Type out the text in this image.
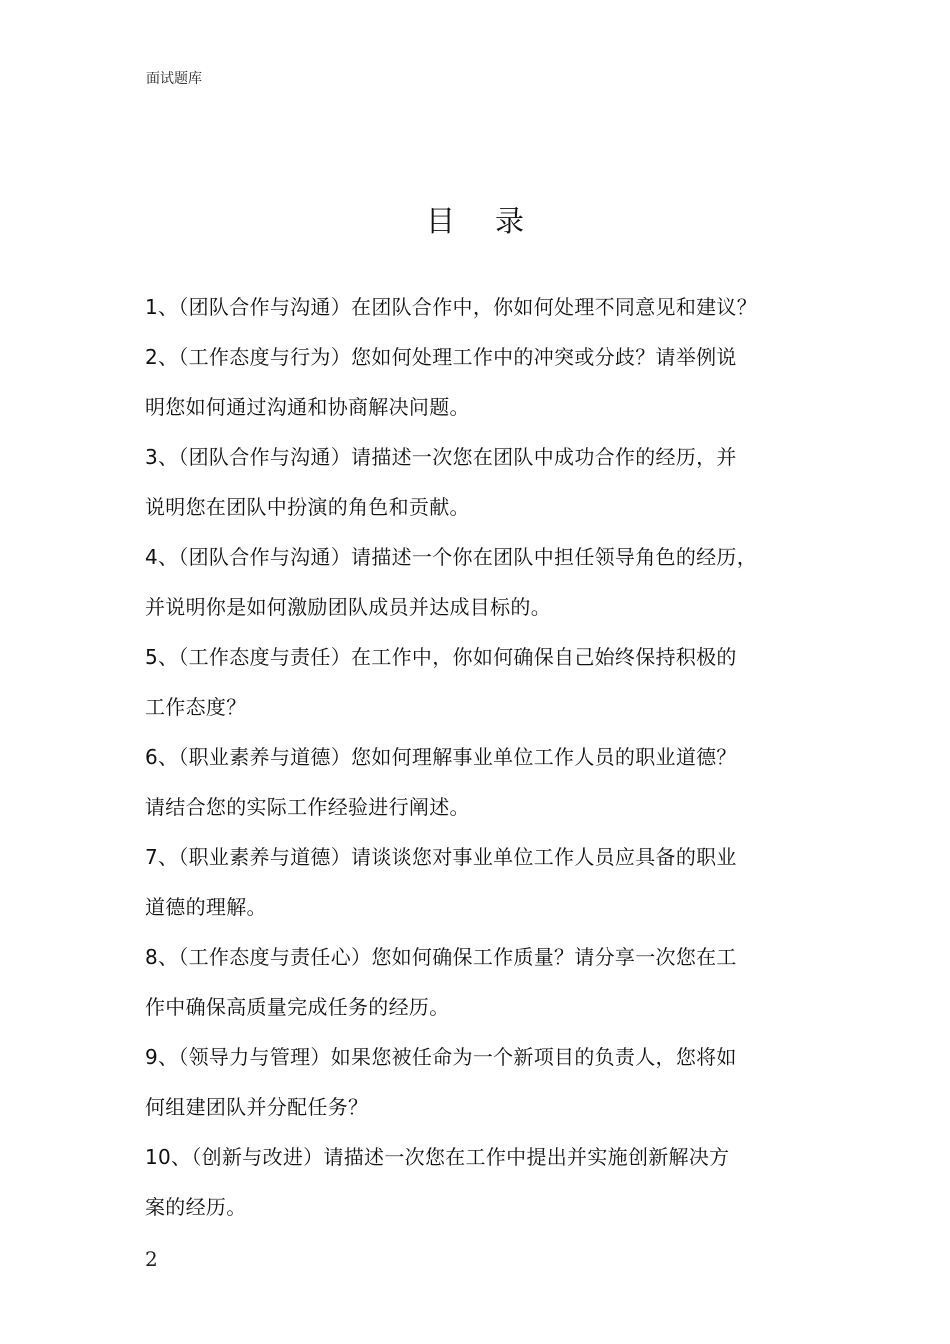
面试题库
目录
1、（团队合作与沟通）在团队合作中，你如何处理不同意见和建议？
2、（工作态度与行为）您如何处理工作中的冲突或分歧？请举例说
明您如何通过沟通和协商解决问题。
3、（团队合作与沟通）请描述一次您在团队中成功合作的经历，并
说明您在团队中扮演的角色和贡献。
4、（团队合作与沟通）请描述一个你在团队中担任领导角色的经历，
并说明你是如何激励团队成员并达成目标的。
5、（工作态度与责任）在工作中，你如何确保自己始终保持积极的
工作态度？
6、（职业素养与道德）您如何理解事业单位工作人员的职业道德？
请结合您的实际工作经验进行阐述。
7、（职业素养与道德）请谈谈您对事业单位工作人员应具备的职业
道德的理解。
8、（工作态度与责任心）您如何确保工作质量？请分享一次您在工
作中确保高质量完成任务的经历。
9、（领导力与管理）如果您被任命为一个新项目的负责人，您将如
何组建团队并分配任务？
10、（创新与改进）请描述一次您在工作中提出并实施创新解决方
案的经历。
2
